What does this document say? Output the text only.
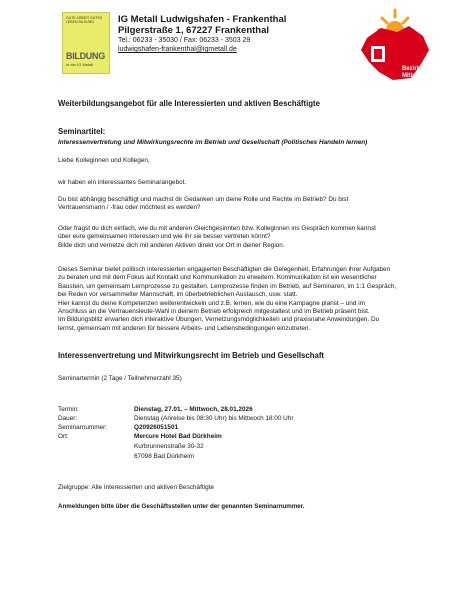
GUTE ARBEIT GUTES LEBEN BILDUNG
BILDUNG
in der IG Metall
IG Metall Ludwigshafen - Frankenthal
Pilgerstraße 1, 67227 Frankenthal
Tel.: 06233 - 35030 / Fax: 06233 - 3503 29
ludwigshafen-frankenthal@igmetall.de
Bezirk
Mitte
Weiterbildungsangebot für alle Interessierten und aktiven Beschäftigte
Seminartitel:
Interessenvertretung und Mitwirkungsrechte im Betrieb und Gesellschaft (Politisches Handeln lernen)
Liebe Kolleginnen und Kollegen,
wir haben ein interessantes Seminarangebot.
Du bist abhängig beschäftigt und machst dir Gedanken um deine Rolle und Rechte im Betrieb? Du bist
Vertrauensmann / -frau oder möchtest es werden?
Oder fragst du dich einfach, wie du mit anderen Gleichgesinnten bzw. Kolleginnen ins Gespräch kommen kannst
über eure gemeinsamen Interessen und wie ihr sie besser vertreten könnt?
Bilde dich und vernetze dich mit anderen Aktiven direkt vor Ort in deiner Region.
Dieses Seminar bietet politisch interessierten engagierten Beschäftigten die Gelegenheit, Erfahrungen ihrer Aufgaben
zu beraten und mit dem Fokus auf Kontakt und Kommunikation zu erweitern. Kommunikation ist ein wesentlicher
Baustein, um gemeinsam Lernprozesse zu gestalten. Lernprozesse finden im Betrieb, auf Seminaren, im 1:1 Gespräch,
bei Reden vor versammelter Mannschaft, im überbetrieblichen Austausch, usw. statt.
Hier kannst du deine Kompetenzen weiterentwickeln und z.B. lernen, wie du eine Kampagne planst – und im
Anschluss an die Vertrauensleute-Wahl in deinem Betrieb erfolgreich mitgestaltest und im Betrieb präsent bist.
Im Bildungsblitz erwarten dich interaktive Übungen, Vernetzungsmöglichkeiten und praxisnahe Anwendungen. Du
lernst, gemeinsam mit anderen für bessere Arbeits- und Lebensbedingungen einzutreten.
Interessenvertretung und Mitwirkungsrecht im Betrieb und Gesellschaft
Seminartermin (2 Tage / Teilnehmerzahl 35)
Termin:	Dienstag, 27.01. – Mittwoch, 28.01.2026
Dauer:	Dienstag (Anreise bis 08:30 Uhr) bis Mittwoch 18:00 Uhr
Seminarnummer:	Q20926051501
Ort:	Mercure Hotel Bad Dürkheim
Kurbrunnenstraße 30-32
67098 Bad Dürkheim
Zielgruppe: Alle Interessierten und aktiven Beschäftigte
Anmeldungen bitte über die Geschäftsstellen unter der genannten Seminarnummer.
